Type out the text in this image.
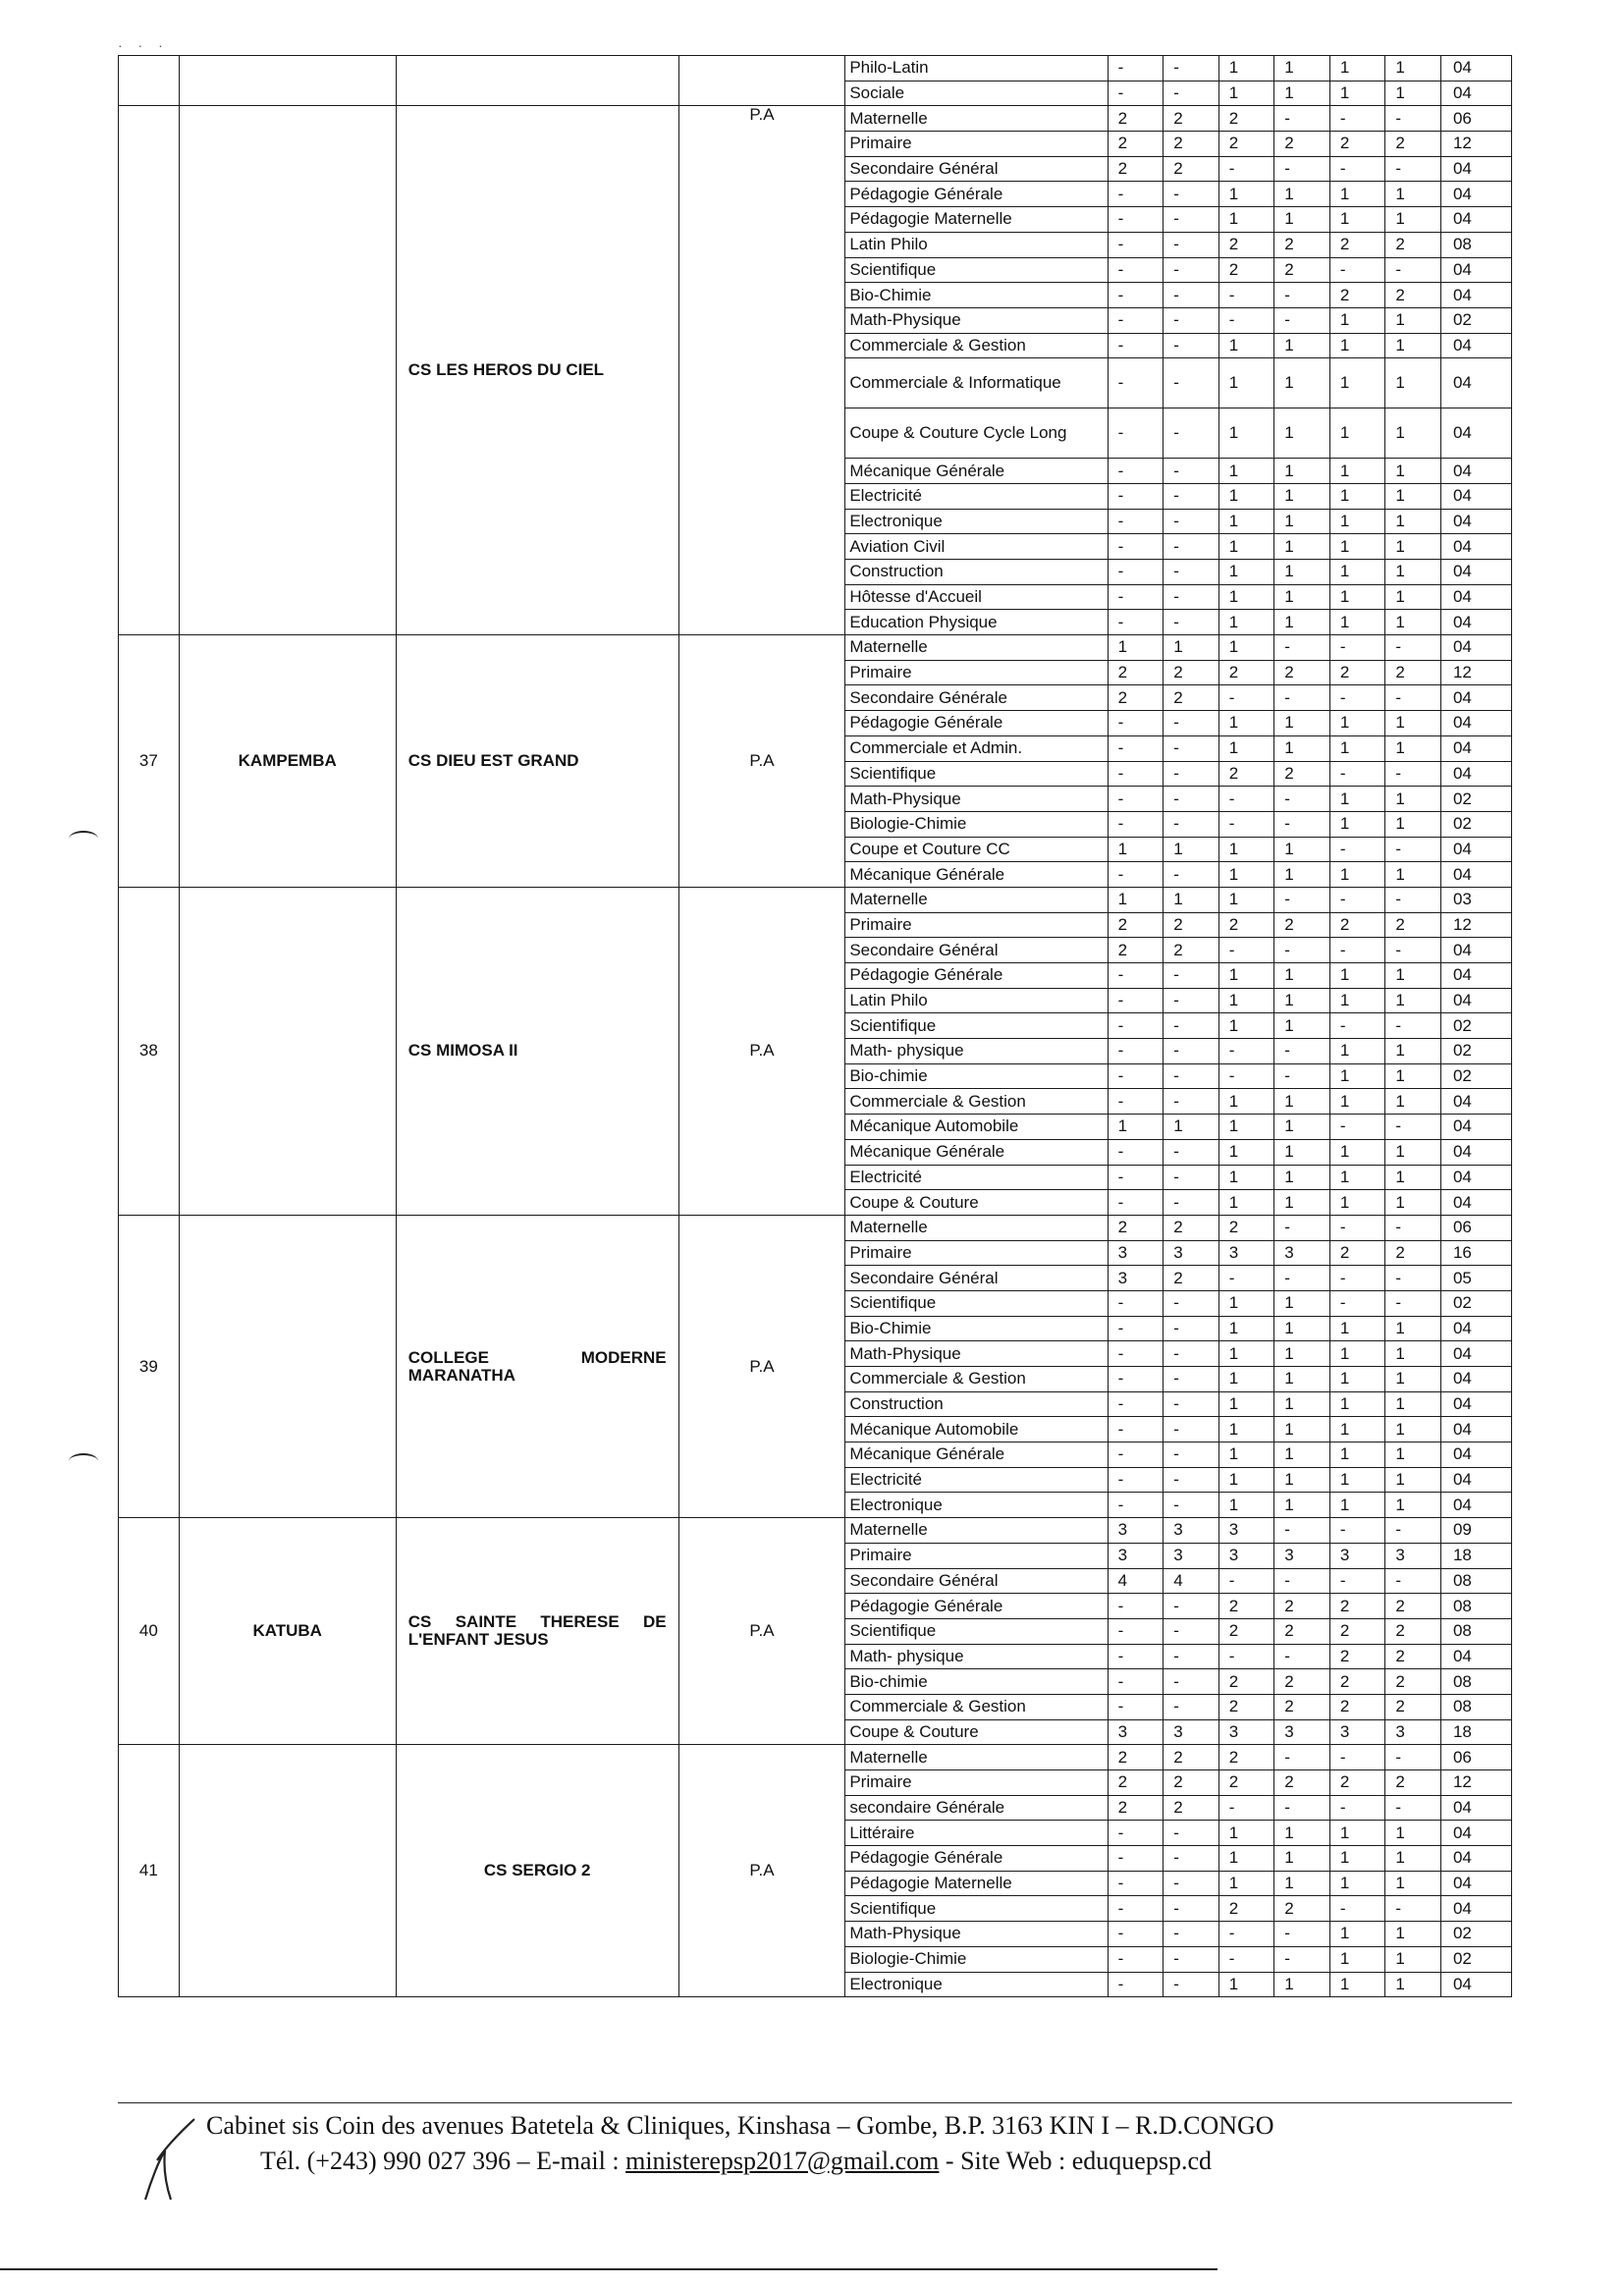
· · ·
				Philo-Latin	-	-	1	1	1	1	04
				Sociale	-	-	1	1	1	1	04
		CS LES HEROS DU CIEL	P.A	Maternelle	2	2	2	-	-	-	06
				Primaire	2	2	2	2	2	2	12
				Secondaire Général	2	2	-	-	-	-	04
				Pédagogie Générale	-	-	1	1	1	1	04
				Pédagogie Maternelle	-	-	1	1	1	1	04
				Latin Philo	-	-	2	2	2	2	08
				Scientifique	-	-	2	2	-	-	04
				Bio-Chimie	-	-	-	-	2	2	04
				Math-Physique	-	-	-	-	1	1	02
				Commerciale & Gestion	-	-	1	1	1	1	04
				Commerciale & Informatique	-	-	1	1	1	1	04
				Coupe & Couture Cycle Long	-	-	1	1	1	1	04
				Mécanique Générale	-	-	1	1	1	1	04
				Electricité	-	-	1	1	1	1	04
				Electronique	-	-	1	1	1	1	04
				Aviation Civil	-	-	1	1	1	1	04
				Construction	-	-	1	1	1	1	04
				Hôtesse d'Accueil	-	-	1	1	1	1	04
				Education Physique	-	-	1	1	1	1	04
37	KAMPEMBA	CS DIEU EST GRAND	P.A	Maternelle	1	1	1	-	-	-	04
				Primaire	2	2	2	2	2	2	12
				Secondaire Générale	2	2	-	-	-	-	04
				Pédagogie Générale	-	-	1	1	1	1	04
				Commerciale et Admin.	-	-	1	1	1	1	04
				Scientifique	-	-	2	2	-	-	04
				Math-Physique	-	-	-	-	1	1	02
				Biologie-Chimie	-	-	-	-	1	1	02
				Coupe et Couture CC	1	1	1	1	-	-	04
				Mécanique Générale	-	-	1	1	1	1	04
38		CS MIMOSA II	P.A	Maternelle	1	1	1	-	-	-	03
				Primaire	2	2	2	2	2	2	12
				Secondaire Général	2	2	-	-	-	-	04
				Pédagogie Générale	-	-	1	1	1	1	04
				Latin Philo	-	-	1	1	1	1	04
				Scientifique	-	-	1	1	-	-	02
				Math- physique	-	-	-	-	1	1	02
				Bio-chimie	-	-	-	-	1	1	02
				Commerciale & Gestion	-	-	1	1	1	1	04
				Mécanique Automobile	1	1	1	1	-	-	04
				Mécanique Générale	-	-	1	1	1	1	04
				Electricité	-	-	1	1	1	1	04
				Coupe & Couture	-	-	1	1	1	1	04
39		COLLEGE MODERNE MARANATHA	P.A	Maternelle	2	2	2	-	-	-	06
				Primaire	3	3	3	3	2	2	16
				Secondaire Général	3	2	-	-	-	-	05
				Scientifique	-	-	1	1	-	-	02
				Bio-Chimie	-	-	1	1	1	1	04
				Math-Physique	-	-	1	1	1	1	04
				Commerciale & Gestion	-	-	1	1	1	1	04
				Construction	-	-	1	1	1	1	04
				Mécanique Automobile	-	-	1	1	1	1	04
				Mécanique Générale	-	-	1	1	1	1	04
				Electricité	-	-	1	1	1	1	04
				Electronique	-	-	1	1	1	1	04
40	KATUBA	CS SAINTE THERESE DE L'ENFANT JESUS	P.A	Maternelle	3	3	3	-	-	-	09
				Primaire	3	3	3	3	3	3	18
				Secondaire Général	4	4	-	-	-	-	08
				Pédagogie Générale	-	-	2	2	2	2	08
				Scientifique	-	-	2	2	2	2	08
				Math- physique	-	-	-	-	2	2	04
				Bio-chimie	-	-	2	2	2	2	08
				Commerciale & Gestion	-	-	2	2	2	2	08
				Coupe & Couture	3	3	3	3	3	3	18
41		CS SERGIO 2	P.A	Maternelle	2	2	2	-	-	-	06
				Primaire	2	2	2	2	2	2	12
				secondaire Générale	2	2	-	-	-	-	04
				Littéraire	-	-	1	1	1	1	04
				Pédagogie Générale	-	-	1	1	1	1	04
				Pédagogie Maternelle	-	-	1	1	1	1	04
				Scientifique	-	-	2	2	-	-	04
				Math-Physique	-	-	-	-	1	1	02
				Biologie-Chimie	-	-	-	-	1	1	02
				Electronique	-	-	1	1	1	1	04
Cabinet sis Coin des avenues Batetela & Cliniques, Kinshasa – Gombe, B.P. 3163 KIN I – R.D.CONGO
Tél. (+243) 990 027 396 – E-mail : ministerepsp2017@gmail.com - Site Web : eduquepsp.cd
